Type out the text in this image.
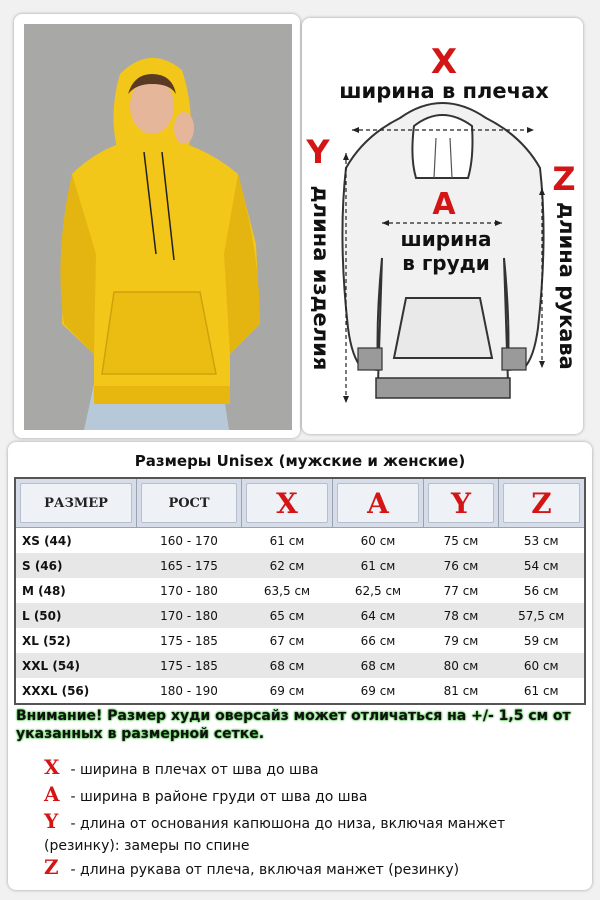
X
ширина в плечах
Y
длина изделия
Z
длина рукава
A
ширина
в груди
Размеры Unisex (мужские и женские)
РАЗМЕР	РОСТ	X	A	Y	Z

XS (44)	160 - 170	61 см	60 см	75 см	53 см
S (46)	165 - 175	62 см	61 см	76 см	54 см
M (48)	170 - 180	63,5 см	62,5 см	77 см	56 см
L (50)	170 - 180	65 см	64 см	78 см	57,5 см
XL (52)	175 - 185	67 см	66 см	79 см	59 см
XXL (54)	175 - 185	68 см	68 см	80 см	60 см
XXXL (56)	180 - 190	69 см	69 см	81 см	61 см
Внимание! Размер худи оверсайз может отличаться на +/- 1,5 см от указанных в размерной сетке.
X - ширина в плечах от шва до шва
A - ширина в районе груди от шва до шва
Y - длина от основания капюшона до низа, включая манжет (резинку): замеры по спине
Z - длина рукава от плеча, включая манжет (резинку)
